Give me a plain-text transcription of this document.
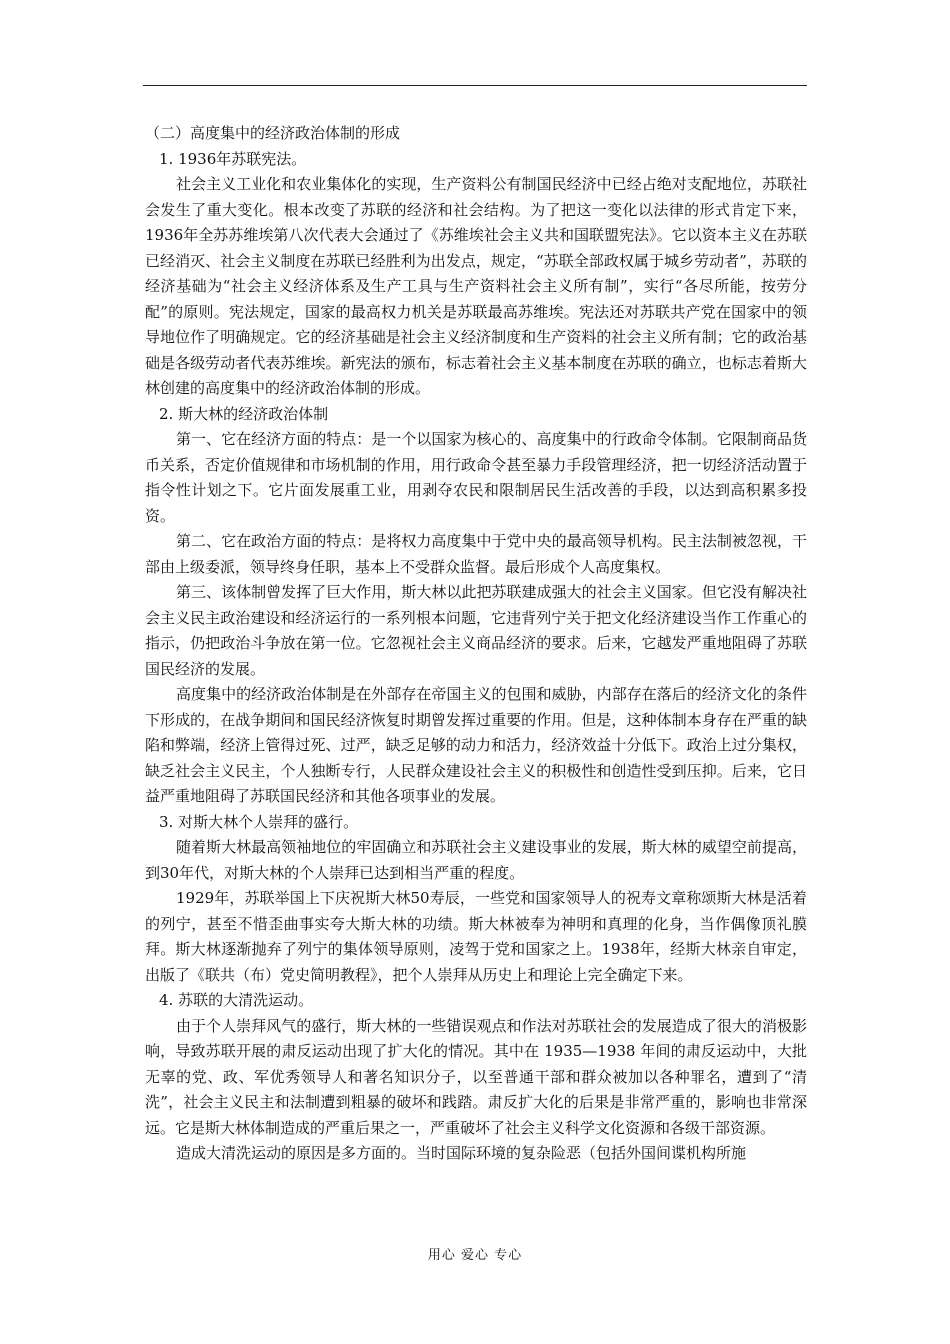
（二）高度集中的经济政治体制的形成

1. 1936年苏联宪法。

社会主义工业化和农业集体化的实现，生产资料公有制国民经济中已经占绝对支配地位，苏联社会发生了重大变化。根本改变了苏联的经济和社会结构。为了把这一变化以法律的形式肯定下来， 1936年全苏苏维埃第八次代表大会通过了《苏维埃社会主义共和国联盟宪法》。它以资本主义在苏联已经消灭、社会主义制度在苏联已经胜利为出发点，规定，“苏联全部政权属于城乡劳动者”，苏联的经济基础为“社会主义经济体系及生产工具与生产资料社会主义所有制”，实行“各尽所能，按劳分配”的原则。宪法规定，国家的最高权力机关是苏联最高苏维埃。宪法还对苏联共产党在国家中的领导地位作了明确规定。它的经济基础是社会主义经济制度和生产资料的社会主义所有制；它的政治基础是各级劳动者代表苏维埃。新宪法的颁布，标志着社会主义基本制度在苏联的确立，也标志着斯大林创建的高度集中的经济政治体制的形成。

2. 斯大林的经济政治体制

第一、它在经济方面的特点：是一个以国家为核心的、高度集中的行政命令体制。它限制商品货币关系，否定价值规律和市场机制的作用，用行政命令甚至暴力手段管理经济，把一切经济活动置于指令性计划之下。它片面发展重工业，用剥夺农民和限制居民生活改善的手段，以达到高积累多投资。

第二、它在政治方面的特点：是将权力高度集中于党中央的最高领导机构。民主法制被忽视，干部由上级委派，领导终身任职，基本上不受群众监督。最后形成个人高度集权。

第三、该体制曾发挥了巨大作用，斯大林以此把苏联建成强大的社会主义国家。但它没有解决社会主义民主政治建设和经济运行的一系列根本问题，它违背列宁关于把文化经济建设当作工作重心的指示，仍把政治斗争放在第一位。它忽视社会主义商品经济的要求。后来，它越发严重地阻碍了苏联国民经济的发展。

高度集中的经济政治体制是在外部存在帝国主义的包围和威胁，内部存在落后的经济文化的条件下形成的，在战争期间和国民经济恢复时期曾发挥过重要的作用。但是，这种体制本身存在严重的缺陷和弊端，经济上管得过死、过严，缺乏足够的动力和活力，经济效益十分低下。政治上过分集权，缺乏社会主义民主，个人独断专行，人民群众建设社会主义的积极性和创造性受到压抑。后来，它日益严重地阻碍了苏联国民经济和其他各项事业的发展。

3. 对斯大林个人崇拜的盛行。

随着斯大林最高领袖地位的牢固确立和苏联社会主义建设事业的发展，斯大林的威望空前提高，到30年代，对斯大林的个人崇拜已达到相当严重的程度。

1929年，苏联举国上下庆祝斯大林50寿辰，一些党和国家领导人的祝寿文章称颂斯大林是活着的列宁，甚至不惜歪曲事实夸大斯大林的功绩。斯大林被奉为神明和真理的化身，当作偶像顶礼膜拜。斯大林逐渐抛弃了列宁的集体领导原则，凌驾于党和国家之上。1938年，经斯大林亲自审定，出版了《联共（布）党史简明教程》，把个人崇拜从历史上和理论上完全确定下来。

4. 苏联的大清洗运动。

由于个人崇拜风气的盛行，斯大林的一些错误观点和作法对苏联社会的发展造成了很大的消极影响，导致苏联开展的肃反运动出现了扩大化的情况。其中在 1935—1938 年间的肃反运动中，大批无辜的党、政、军优秀领导人和著名知识分子，以至普通干部和群众被加以各种罪名，遭到了“清洗”，社会主义民主和法制遭到粗暴的破坏和践踏。肃反扩大化的后果是非常严重的，影响也非常深远。它是斯大林体制造成的严重后果之一，严重破坏了社会主义科学文化资源和各级干部资源。

造成大清洗运动的原因是多方面的。当时国际环境的复杂险恶（包括外国间谍机构所施

用心 爱心 专心
